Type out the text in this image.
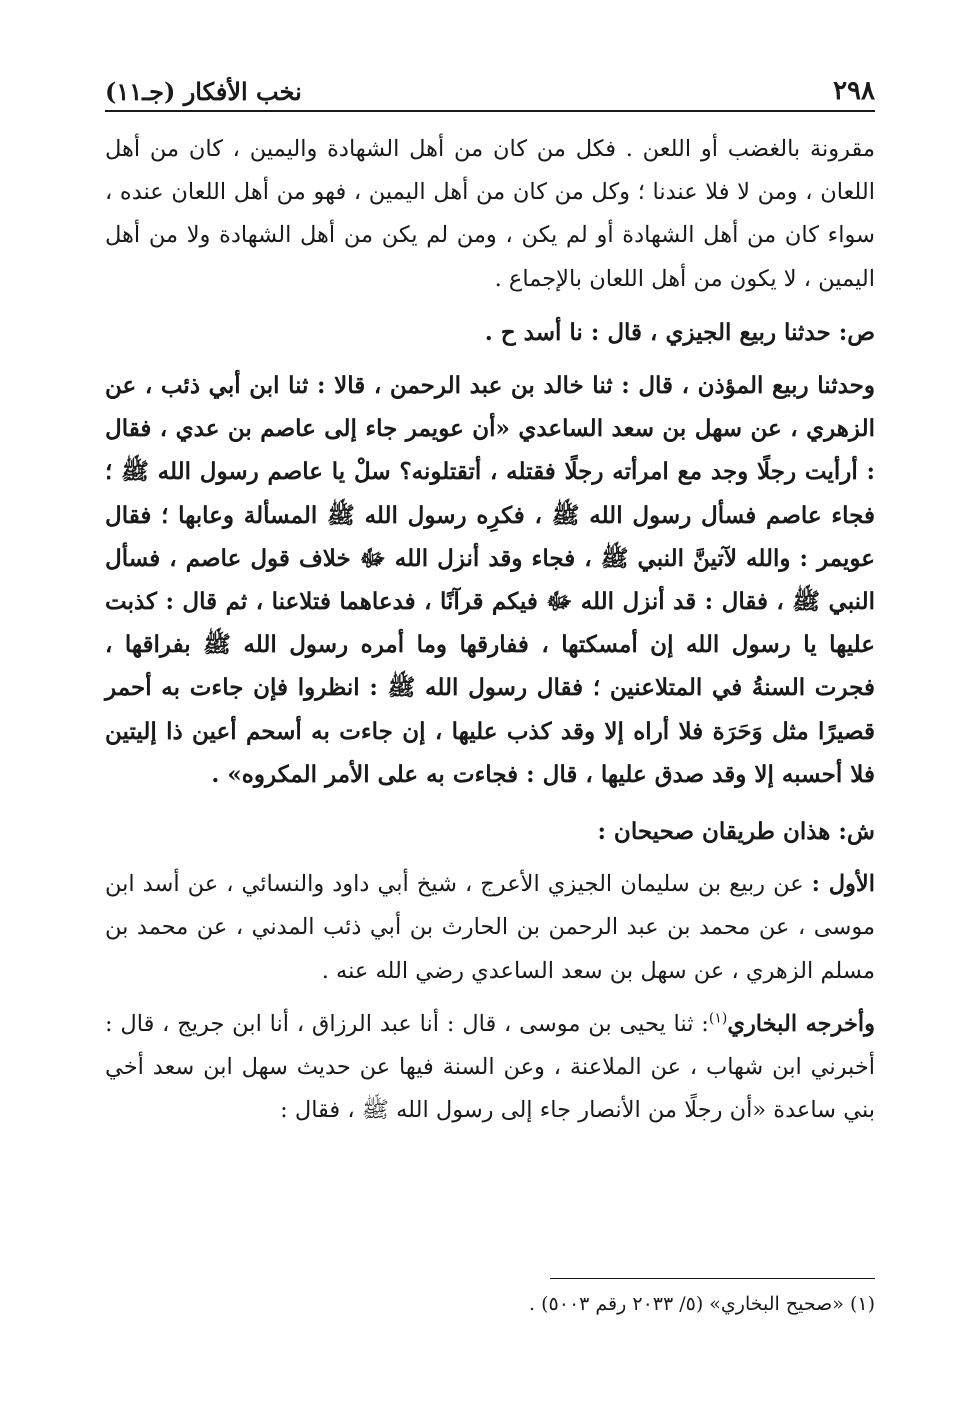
٢٩٨
نخب الأفكار (جـ١١)

مقرونة بالغضب أو اللعن . فكل من كان من أهل الشهادة واليمين ، كان من أهل اللعان ، ومن لا فلا عندنا ؛ وكل من كان من أهل اليمين ، فهو من أهل اللعان عنده ، سواء كان من أهل الشهادة أو لم يكن ، ومن لم يكن من أهل الشهادة ولا من أهل اليمين ، لا يكون من أهل اللعان بالإجماع .

ص: حدثنا ربيع الجيزي ، قال : نا أسد ح .

وحدثنا ربيع المؤذن ، قال : ثنا خالد بن عبد الرحمن ، قالا : ثنا ابن أبي ذئب ، عن الزهري ، عن سهل بن سعد الساعدي «أن عويمر جاء إلى عاصم بن عدي ، فقال : أرأيت رجلًا وجد مع امرأته رجلًا فقتله ، أتقتلونه؟ سلْ يا عاصم رسول الله ﷺ ؛ فجاء عاصم فسأل رسول الله ﷺ ، فكرِه رسول الله ﷺ المسألة وعابها ؛ فقال عويمر : والله لآتينَّ النبي ﷺ ، فجاء وقد أنزل الله ﷻ خلاف قول عاصم ، فسأل النبي ﷺ ، فقال : قد أنزل الله ﷻ فيكم قرآنًا ، فدعاهما فتلاعنا ، ثم قال : كذبت عليها يا رسول الله إن أمسكتها ، ففارقها وما أمره رسول الله ﷺ بفراقها ، فجرت السنةُ في المتلاعنين ؛ فقال رسول الله ﷺ : انظروا فإن جاءت به أحمر قصيرًا مثل وَحَرَة فلا أراه إلا وقد كذب عليها ، إن جاءت به أسحم أعين ذا إليتين فلا أحسبه إلا وقد صدق عليها ، قال : فجاءت به على الأمر المكروه» .

ش: هذان طريقان صحيحان :

الأول : عن ربيع بن سليمان الجيزي الأعرج ، شيخ أبي داود والنسائي ، عن أسد ابن موسى ، عن محمد بن عبد الرحمن بن الحارث بن أبي ذئب المدني ، عن محمد بن مسلم الزهري ، عن سهل بن سعد الساعدي رضي الله عنه .

وأخرجه البخاري$^{(١)}$: ثنا يحيى بن موسى ، قال : أنا عبد الرزاق ، أنا ابن جريج ، قال : أخبرني ابن شهاب ، عن الملاعنة ، وعن السنة فيها عن حديث سهل ابن سعد أخي بني ساعدة «أن رجلًا من الأنصار جاء إلى رسول الله ﷺ ، فقال :

(١) «صحيح البخاري» (٥/ ٢٠٣٣ رقم ٥٠٠٣) .
